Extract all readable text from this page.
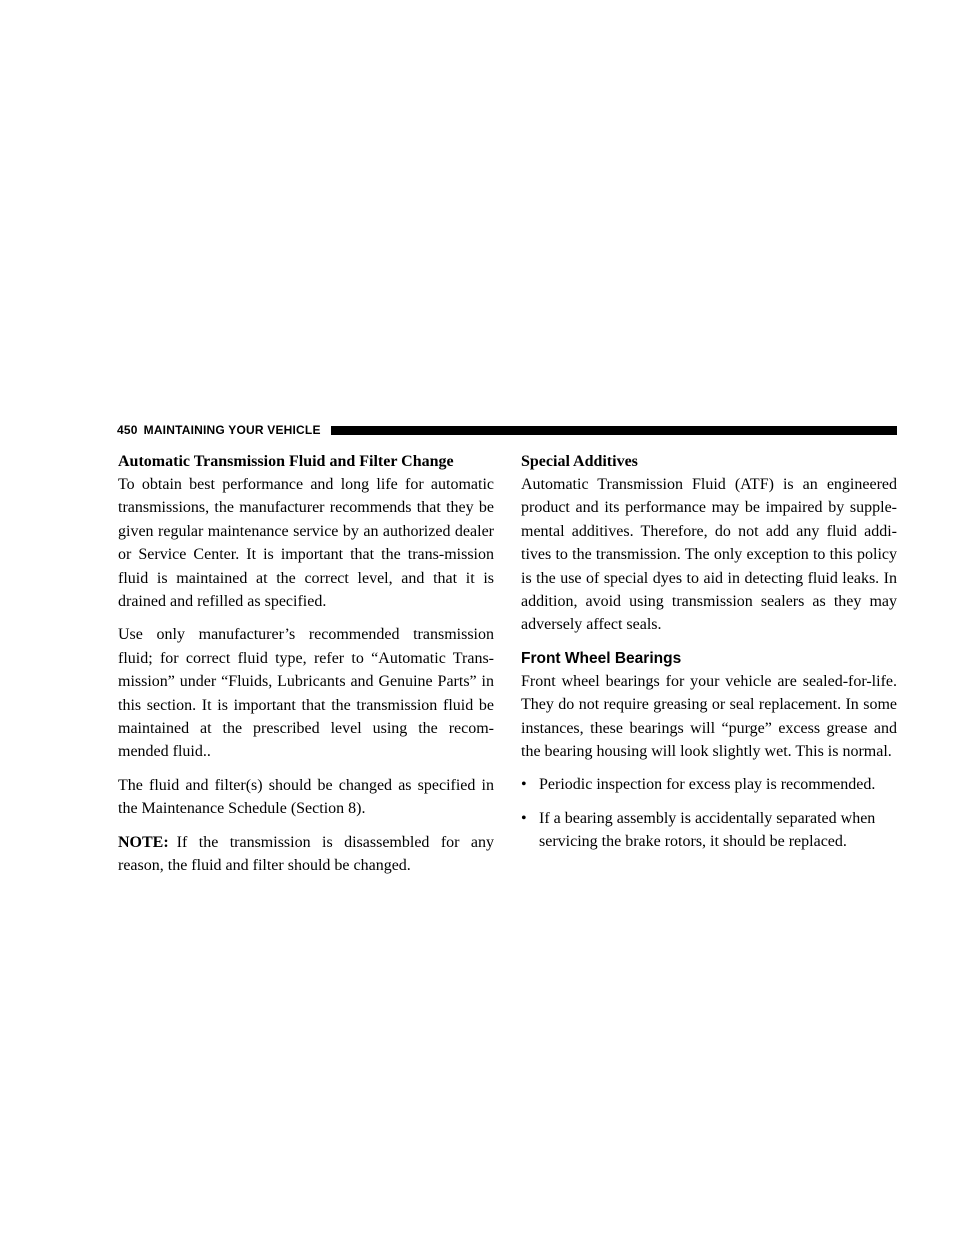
450 MAINTAINING YOUR VEHICLE
Automatic Transmission Fluid and Filter Change

To obtain best performance and long life for automatic transmissions, the manufacturer recommends that they be given regular maintenance service by an authorized dealer or Service Center. It is important that the trans-mission fluid is maintained at the correct level, and that it is drained and refilled as specified.

Use only manufacturer’s recommended transmission fluid; for correct fluid type, refer to “Automatic Trans-mission” under “Fluids, Lubricants and Genuine Parts” in this section. It is important that the transmission fluid be maintained at the prescribed level using the recom-mended fluid..

The fluid and filter(s) should be changed as specified in the Maintenance Schedule (Section 8).

NOTE: If the transmission is disassembled for any reason, the fluid and filter should be changed.

Special Additives

Automatic Transmission Fluid (ATF) is an engineered product and its performance may be impaired by supple-mental additives. Therefore, do not add any fluid addi-tives to the transmission. The only exception to this policy is the use of special dyes to aid in detecting fluid leaks. In addition, avoid using transmission sealers as they may adversely affect seals.

Front Wheel Bearings

Front wheel bearings for your vehicle are sealed-for-life. They do not require greasing or seal replacement. In some instances, these bearings will “purge” excess grease and the bearing housing will look slightly wet. This is normal.

• Periodic inspection for excess play is recommended.
• If a bearing assembly is accidentally separated when servicing the brake rotors, it should be replaced.
